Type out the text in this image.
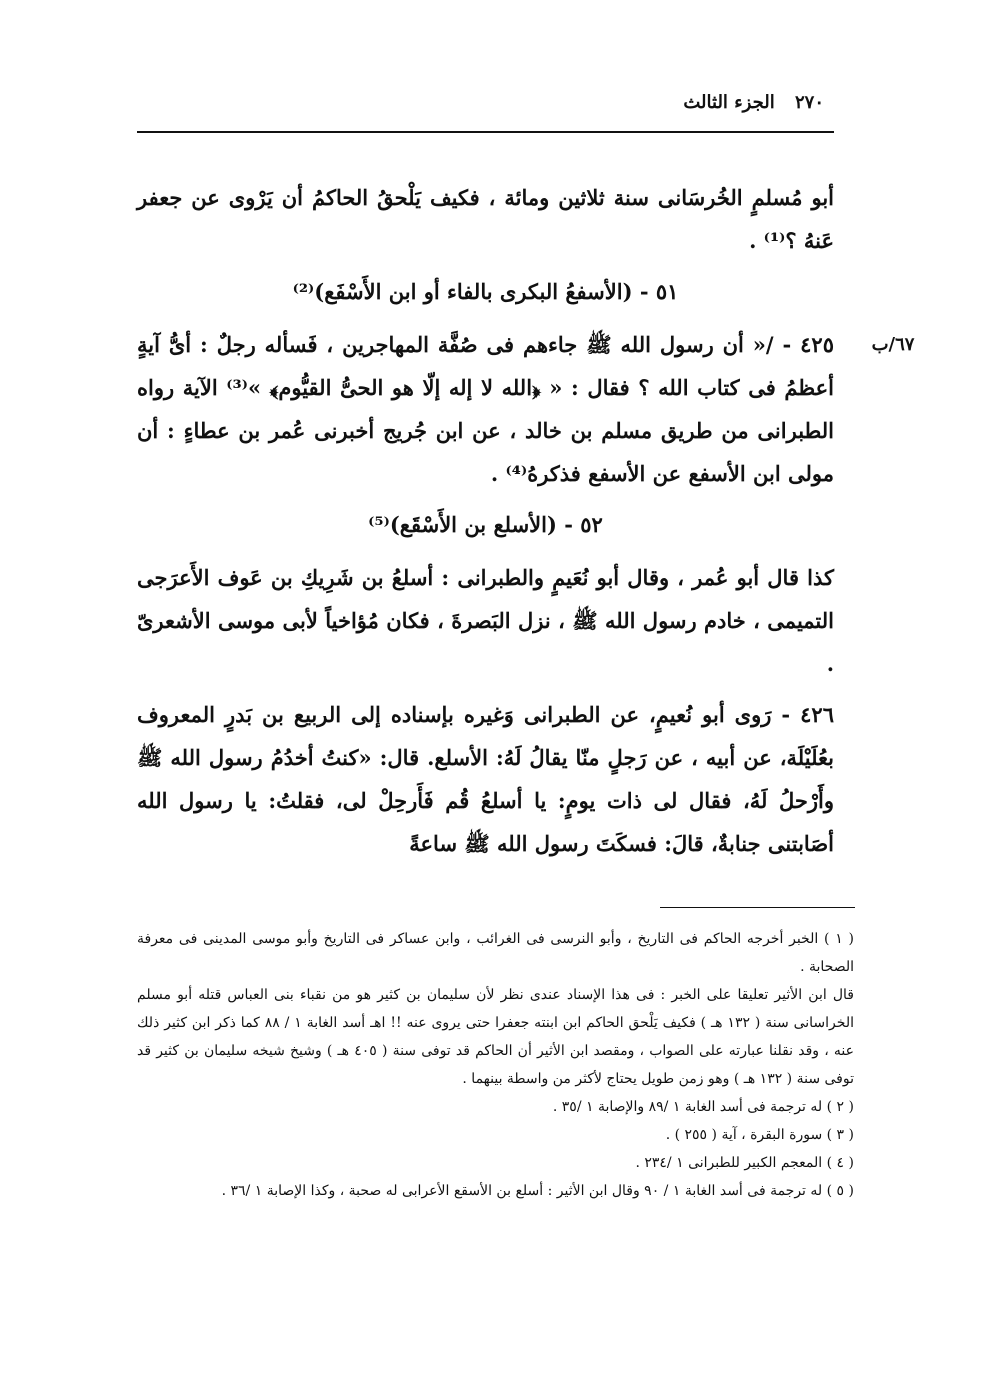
٢٧٠ الجزء الثالث
٦٧/ب

أبو مُسلمٍ الخُرسَانى سنة ثلاثين ومائة ، فكيف يَلْحقُ الحاكمُ أن يَرْوى عن جعفر عَنهُ ؟⁽¹⁾ .

٥١ - (الأسفعُ البكرى بالفاء أو ابن الأَسْفَع)⁽²⁾

٤٢٥ - /« أن رسول الله ﷺ جاءهم فى صُفَّة المهاجرين ، فَسأله رجلٌ : أىُّ آيةٍ أعظمُ فى كتاب الله ؟ فقال : « ﴿الله لا إله إلّا هو الحىُّ القيُّوم﴾ »⁽³⁾ الآية رواه الطبرانى من طريق مسلم بن خالد ، عن ابن جُريج أخبرنى عُمر بن عطاءٍ : أن مولى ابن الأسفع عن الأسفع فذكرهُ⁽⁴⁾ .

٥٢ - (الأسلع بن الأَسْقَع)⁽⁵⁾

كذا قال أبو عُمر ، وقال أبو نُعَيمٍ والطبرانى : أسلعُ بن شَرِيكِ بن عَوف الأَعرَجى التميمى ، خادم رسول الله ﷺ ، نزل البَصرةَ ، فكان مُؤاخياً لأبى موسى الأشعرىّ .

٤٢٦ - رَوى أبو نُعيمٍ، عن الطبرانى وَغيره بإسناده إلى الربيع بن بَدرٍ المعروف بعُلَيْلَة، عن أبيه ، عن رَجلٍ منّا يقالُ لَهُ: الأسلع. قال: «كنتُ أخدُمُ رسول الله ﷺ وأَرْحلُ لَهُ، فقال لى ذات يومٍ: يا أسلعُ قُم فَأَرحِلْ لى، فقلتُ: يا رسول الله أصَابتنى جنابةٌ، قالَ: فسكَتَ رسول الله ﷺ ساعةً

( ١ ) الخبر أخرجه الحاكم فى التاريخ ، وأبو النرسى فى الغرائب ، وابن عساكر فى التاريخ وأبو موسى المدينى فى معرفة الصحابة .

قال ابن الأثير تعليقا على الخبر : فى هذا الإسناد عندى نظر لأن سليمان بن كثير هو من نقباء بنى العباس قتله أبو مسلم الخراسانى سنة ( ١٣٢ هـ ) فكيف يَلْحق الحاكم ابن ابنته جعفرا حتى يروى عنه !! اهـ أسد الغابة ١ / ٨٨ كما ذكر ابن كثير ذلك عنه ، وقد نقلنا عبارته على الصواب ، ومقصد ابن الأثير أن الحاكم قد توفى سنة ( ٤٠٥ هـ ) وشيخ شيخه سليمان بن كثير قد توفى سنة ( ١٣٢ هـ ) وهو زمن طويل يحتاج لأكثر من واسطة بينهما .

( ٢ ) له ترجمة فى أسد الغابة ١ /٨٩ والإصابة ١ /٣٥ .

( ٣ ) سورة البقرة ، آية ( ٢٥٥ ) .

( ٤ ) المعجم الكبير للطبرانى ١ /٢٣٤ .

( ٥ ) له ترجمة فى أسد الغابة ١ / ٩٠ وقال ابن الأثير : أسلع بن الأسقع الأعرابى له صحبة ، وكذا الإصابة ١ /٣٦ .
